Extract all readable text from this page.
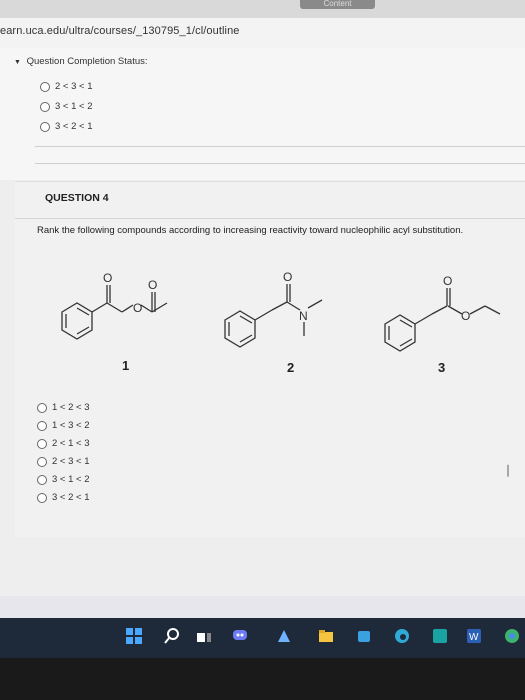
Content
earn.uca.edu/ultra/courses/_130795_1/cl/outline
▼ Question Completion Status:
2 < 3 < 1
3 < 1 < 2
3 < 2 < 1
QUESTION 4
Rank the following compounds according to increasing reactivity toward nucleophilic acyl substitution.
O
O
O
O
N
O
O
1	2	3
1 < 2 < 3
1 < 3 < 2
2 < 1 < 3
2 < 3 < 1
3 < 1 < 2
3 < 2 < 1
∣
W
